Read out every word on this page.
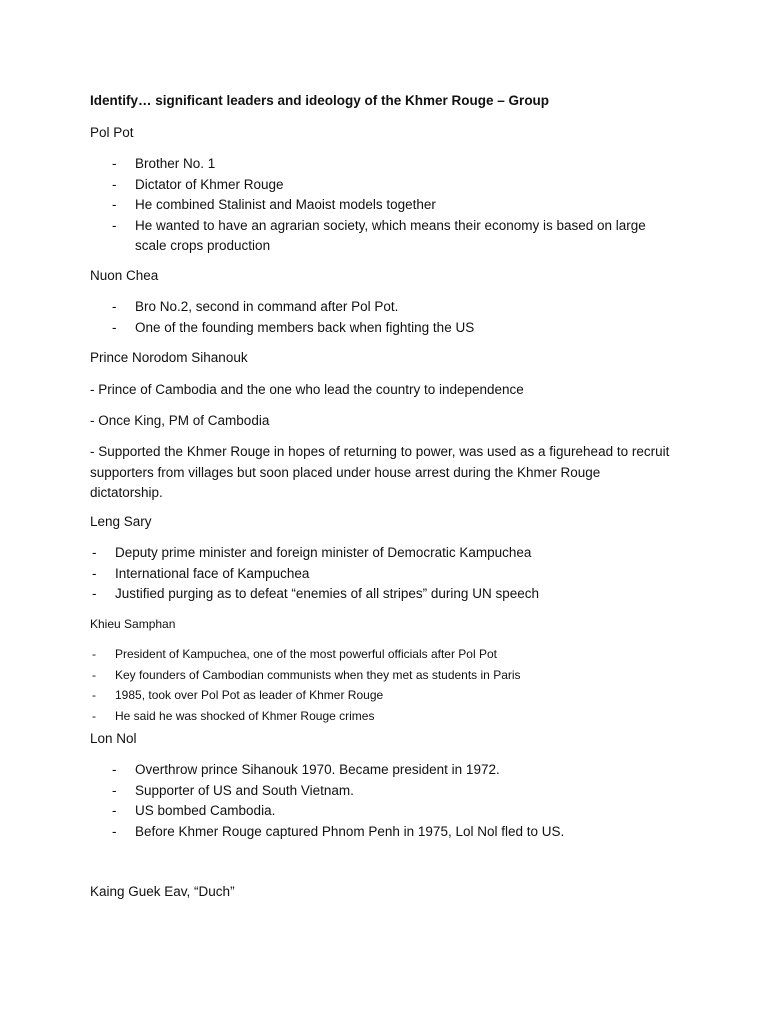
Identify… significant leaders and ideology of the Khmer Rouge – Group
Pol Pot
- Brother No. 1
- Dictator of Khmer Rouge
- He combined Stalinist and Maoist models together
- He wanted to have an agrarian society, which means their economy is based on large scale crops production
Nuon Chea
- Bro No.2, second in command after Pol Pot.
- One of the founding members back when fighting the US
Prince Norodom Sihanouk
- Prince of Cambodia and the one who lead the country to independence
- Once King, PM of Cambodia
- Supported the Khmer Rouge in hopes of returning to power, was used as a figurehead to recruit supporters from villages but soon placed under house arrest during the Khmer Rouge dictatorship.
Leng Sary
- Deputy prime minister and foreign minister of Democratic Kampuchea
- International face of Kampuchea
- Justified purging as to defeat “enemies of all stripes” during UN speech
Khieu Samphan
- President of Kampuchea, one of the most powerful officials after Pol Pot
- Key founders of Cambodian communists when they met as students in Paris
- 1985, took over Pol Pot as leader of Khmer Rouge
- He said he was shocked of Khmer Rouge crimes
Lon Nol
- Overthrow prince Sihanouk 1970. Became president in 1972.
- Supporter of US and South Vietnam.
- US bombed Cambodia.
- Before Khmer Rouge captured Phnom Penh in 1975, Lol Nol fled to US.
Kaing Guek Eav, “Duch”
